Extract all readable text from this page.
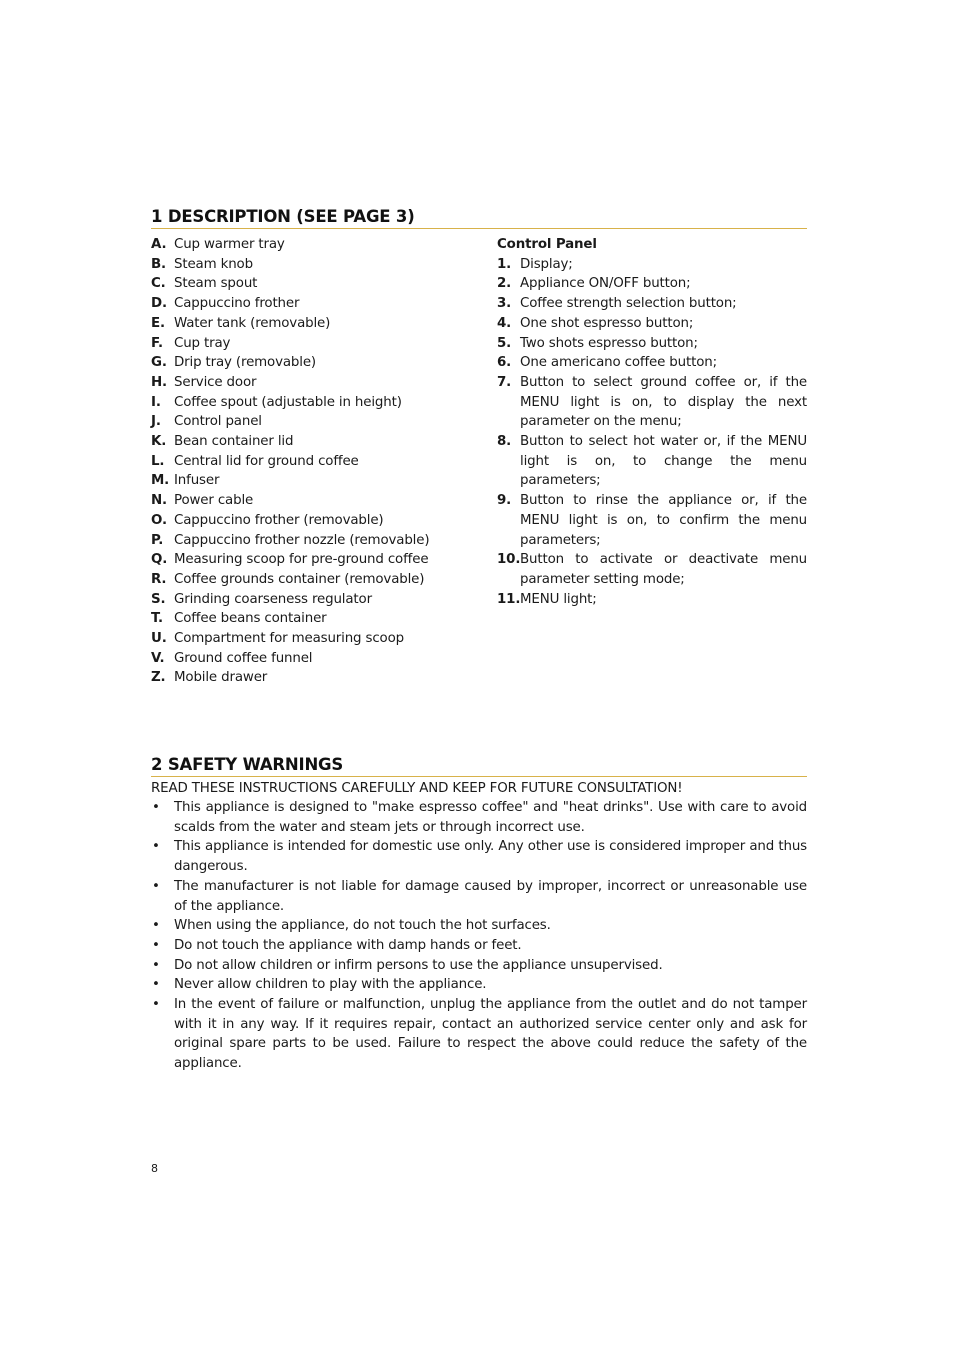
1 DESCRIPTION (SEE PAGE 3)
A. Cup warmer tray
B. Steam knob
C. Steam spout
D. Cappuccino frother
E. Water tank (removable)
F. Cup tray
G. Drip tray (removable)
H. Service door
I. Coffee spout (adjustable in height)
J. Control panel
K. Bean container lid
L. Central lid for ground coffee
M. Infuser
N. Power cable
O. Cappuccino frother (removable)
P. Cappuccino frother nozzle (removable)
Q. Measuring scoop for pre-ground coffee
R. Coffee grounds container (removable)
S. Grinding coarseness regulator
T. Coffee beans container
U. Compartment for measuring scoop
V. Ground coffee funnel
Z. Mobile drawer
Control Panel
1. Display;
2. Appliance ON/OFF button;
3. Coffee strength selection button;
4. One shot espresso button;
5. Two shots espresso button;
6. One americano coffee button;
7. Button to select ground coffee or, if the MENU light is on, to display the next parameter on the menu;
8. Button to select hot water or, if the MENU light is on, to change the menu parameters;
9. Button to rinse the appliance or, if the MENU light is on, to confirm the menu parameters;
10. Button to activate or deactivate menu parameter setting mode;
11. MENU light;
2 SAFETY WARNINGS
READ THESE INSTRUCTIONS CAREFULLY AND KEEP FOR FUTURE CONSULTATION!
•	This appliance is designed to "make espresso coffee" and "heat drinks". Use with care to avoid scalds from the water and steam jets or through incorrect use.
•	This appliance is intended for domestic use only. Any other use is considered improper and thus dangerous.
•	The manufacturer is not liable for damage caused by improper, incorrect or unreasonable use of the appliance.
•	When using the appliance, do not touch the hot surfaces.
•	Do not touch the appliance with damp hands or feet.
•	Do not allow children or infirm persons to use the appliance unsupervised.
•	Never allow children to play with the appliance.
•	In the event of failure or malfunction, unplug the appliance from the outlet and do not tamper with it in any way. If it requires repair, contact an authorized service center only and ask for original spare parts to be used. Failure to respect the above could reduce the safety of the appliance.
8
